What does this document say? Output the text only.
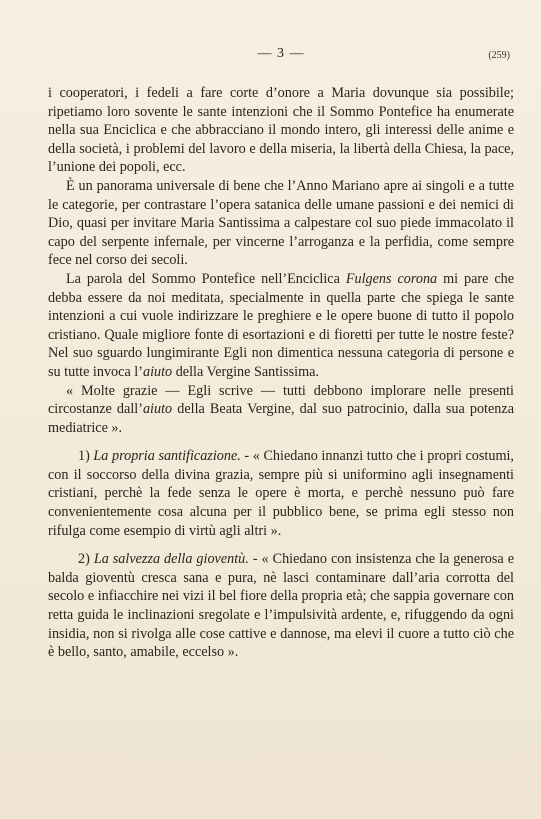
— 3 —	(259)

i cooperatori, i fedeli a fare corte d’onore a Maria dovunque sia possibile; ripetiamo loro sovente le sante intenzioni che il Sommo Pontefice ha enumerate nella sua Enciclica e che abbracciano il mondo intero, gli interessi delle anime e della società, i problemi del lavoro e della miseria, la libertà della Chiesa, la pace, l’unione dei popoli, ecc.

È un panorama universale di bene che l’Anno Mariano apre ai singoli e a tutte le categorie, per contrastare l’opera satanica delle umane passioni e dei nemici di Dio, quasi per invitare Maria Santissima a calpestare col suo piede immacolato il capo del serpente infernale, per vincerne l’arroganza e la perfidia, come sempre fece nel corso dei secoli.

La parola del Sommo Pontefice nell’Enciclica Fulgens corona mi pare che debba essere da noi meditata, specialmente in quella parte che spiega le sante intenzioni a cui vuole indirizzare le preghiere e le opere buone di tutto il popolo cristiano. Quale migliore fonte di esortazioni e di fioretti per tutte le nostre feste? Nel suo sguardo lungimirante Egli non dimentica nessuna categoria di persone e su tutte invoca l’aiuto della Vergine Santissima.

« Molte grazie — Egli scrive — tutti debbono implorare nelle presenti circostanze dall’aiuto della Beata Vergine, dal suo patrocinio, dalla sua potenza mediatrice ».

1) La propria santificazione. - « Chiedano innanzi tutto che i propri costumi, con il soccorso della divina grazia, sempre più si uniformino agli insegnamenti cristiani, perchè la fede senza le opere è morta, e perchè nessuno può fare convenientemente cosa alcuna per il pubblico bene, se prima egli stesso non rifulga come esempio di virtù agli altri ».

2) La salvezza della gioventù. - « Chiedano con insistenza che la generosa e balda gioventù cresca sana e pura, nè lasci contaminare dall’aria corrotta del secolo e infiacchire nei vizi il bel fiore della propria età; che sappia governare con retta guida le inclinazioni sregolate e l’impulsività ardente, e, rifuggendo da ogni insidia, non si rivolga alle cose cattive e dannose, ma elevi il cuore a tutto ciò che è bello, santo, amabile, eccelso ».
